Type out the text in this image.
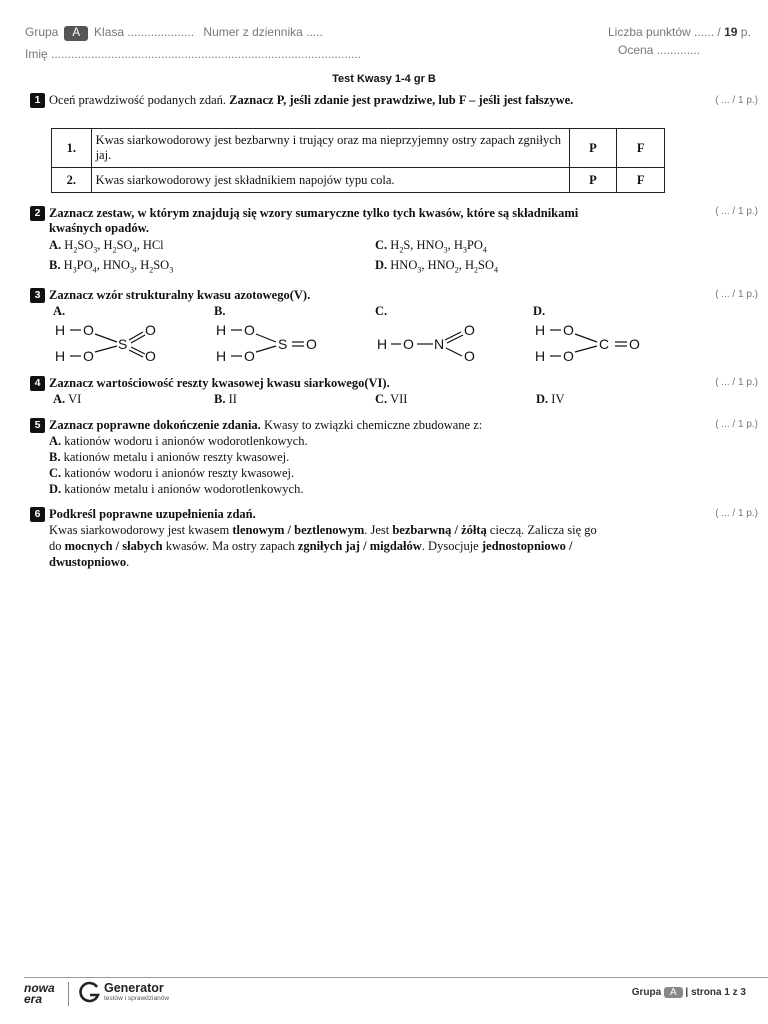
Grupa A Klasa .................... Numer z dziennika .....
Imię .............................................................................................
Liczba punktów ...... / 19 p.
Ocena .............
Test Kwasy 1-4 gr B
1 Oceń prawdziwość podanych zdań. Zaznacz P, jeśli zdanie jest prawdziwe, lub F – jeśli jest fałszywe.	( ... / 1 p.)
1.	Kwas siarkowodorowy jest bezbarwny i trujący oraz ma nieprzyjemny ostry zapach zgniłych jaj.	P	F
2.	Kwas siarkowodorowy jest składnikiem napojów typu cola.	P	F
2 Zaznacz zestaw, w którym znajdują się wzory sumaryczne tylko tych kwasów, które są składnikami
kwaśnych opadów.
( ... / 1 p.)
A. $H_2SO_3$, $H_2SO_4$, HCl	C. $H_2S$, $HNO_3$, $H_3PO_4$
B. $H_3PO_4$, $HNO_3$, $H_2SO_3$	D. $HNO_3$, $HNO_2$, $H_2SO_4$
3 Zaznacz wzór strukturalny kwasu azotowego(V).	( ... / 1 p.)
A.	B.	C.	D.
H O
H O
S
O
O
H O
H O
S O	H O N
O
O
H O
H O
C O
4 Zaznacz wartościowość reszty kwasowej kwasu siarkowego(VI).	( ... / 1 p.)
A. VI	B. II	C. VII	D. IV
5 Zaznacz poprawne dokończenie zdania. Kwasy to związki chemiczne zbudowane z:	( ... / 1 p.)
A. kationów wodoru i anionów wodorotlenkowych.
B. kationów metalu i anionów reszty kwasowej.
C. kationów wodoru i anionów reszty kwasowej.
D. kationów metalu i anionów wodorotlenkowych.
6 Podkreśl poprawne uzupełnienia zdań.	( ... / 1 p.)
Kwas siarkowodorowy jest kwasem tlenowym / beztlenowym. Jest bezbarwną / żółtą cieczą. Zalicza się go
do mocnych / słabych kwasów. Ma ostry zapach zgniłych jaj / migdałów. Dysocjuje jednostopniowo /
dwustopniowo.
nowa
era
Generator
testów i sprawdzianów
Grupa A | strona 1 z 3
